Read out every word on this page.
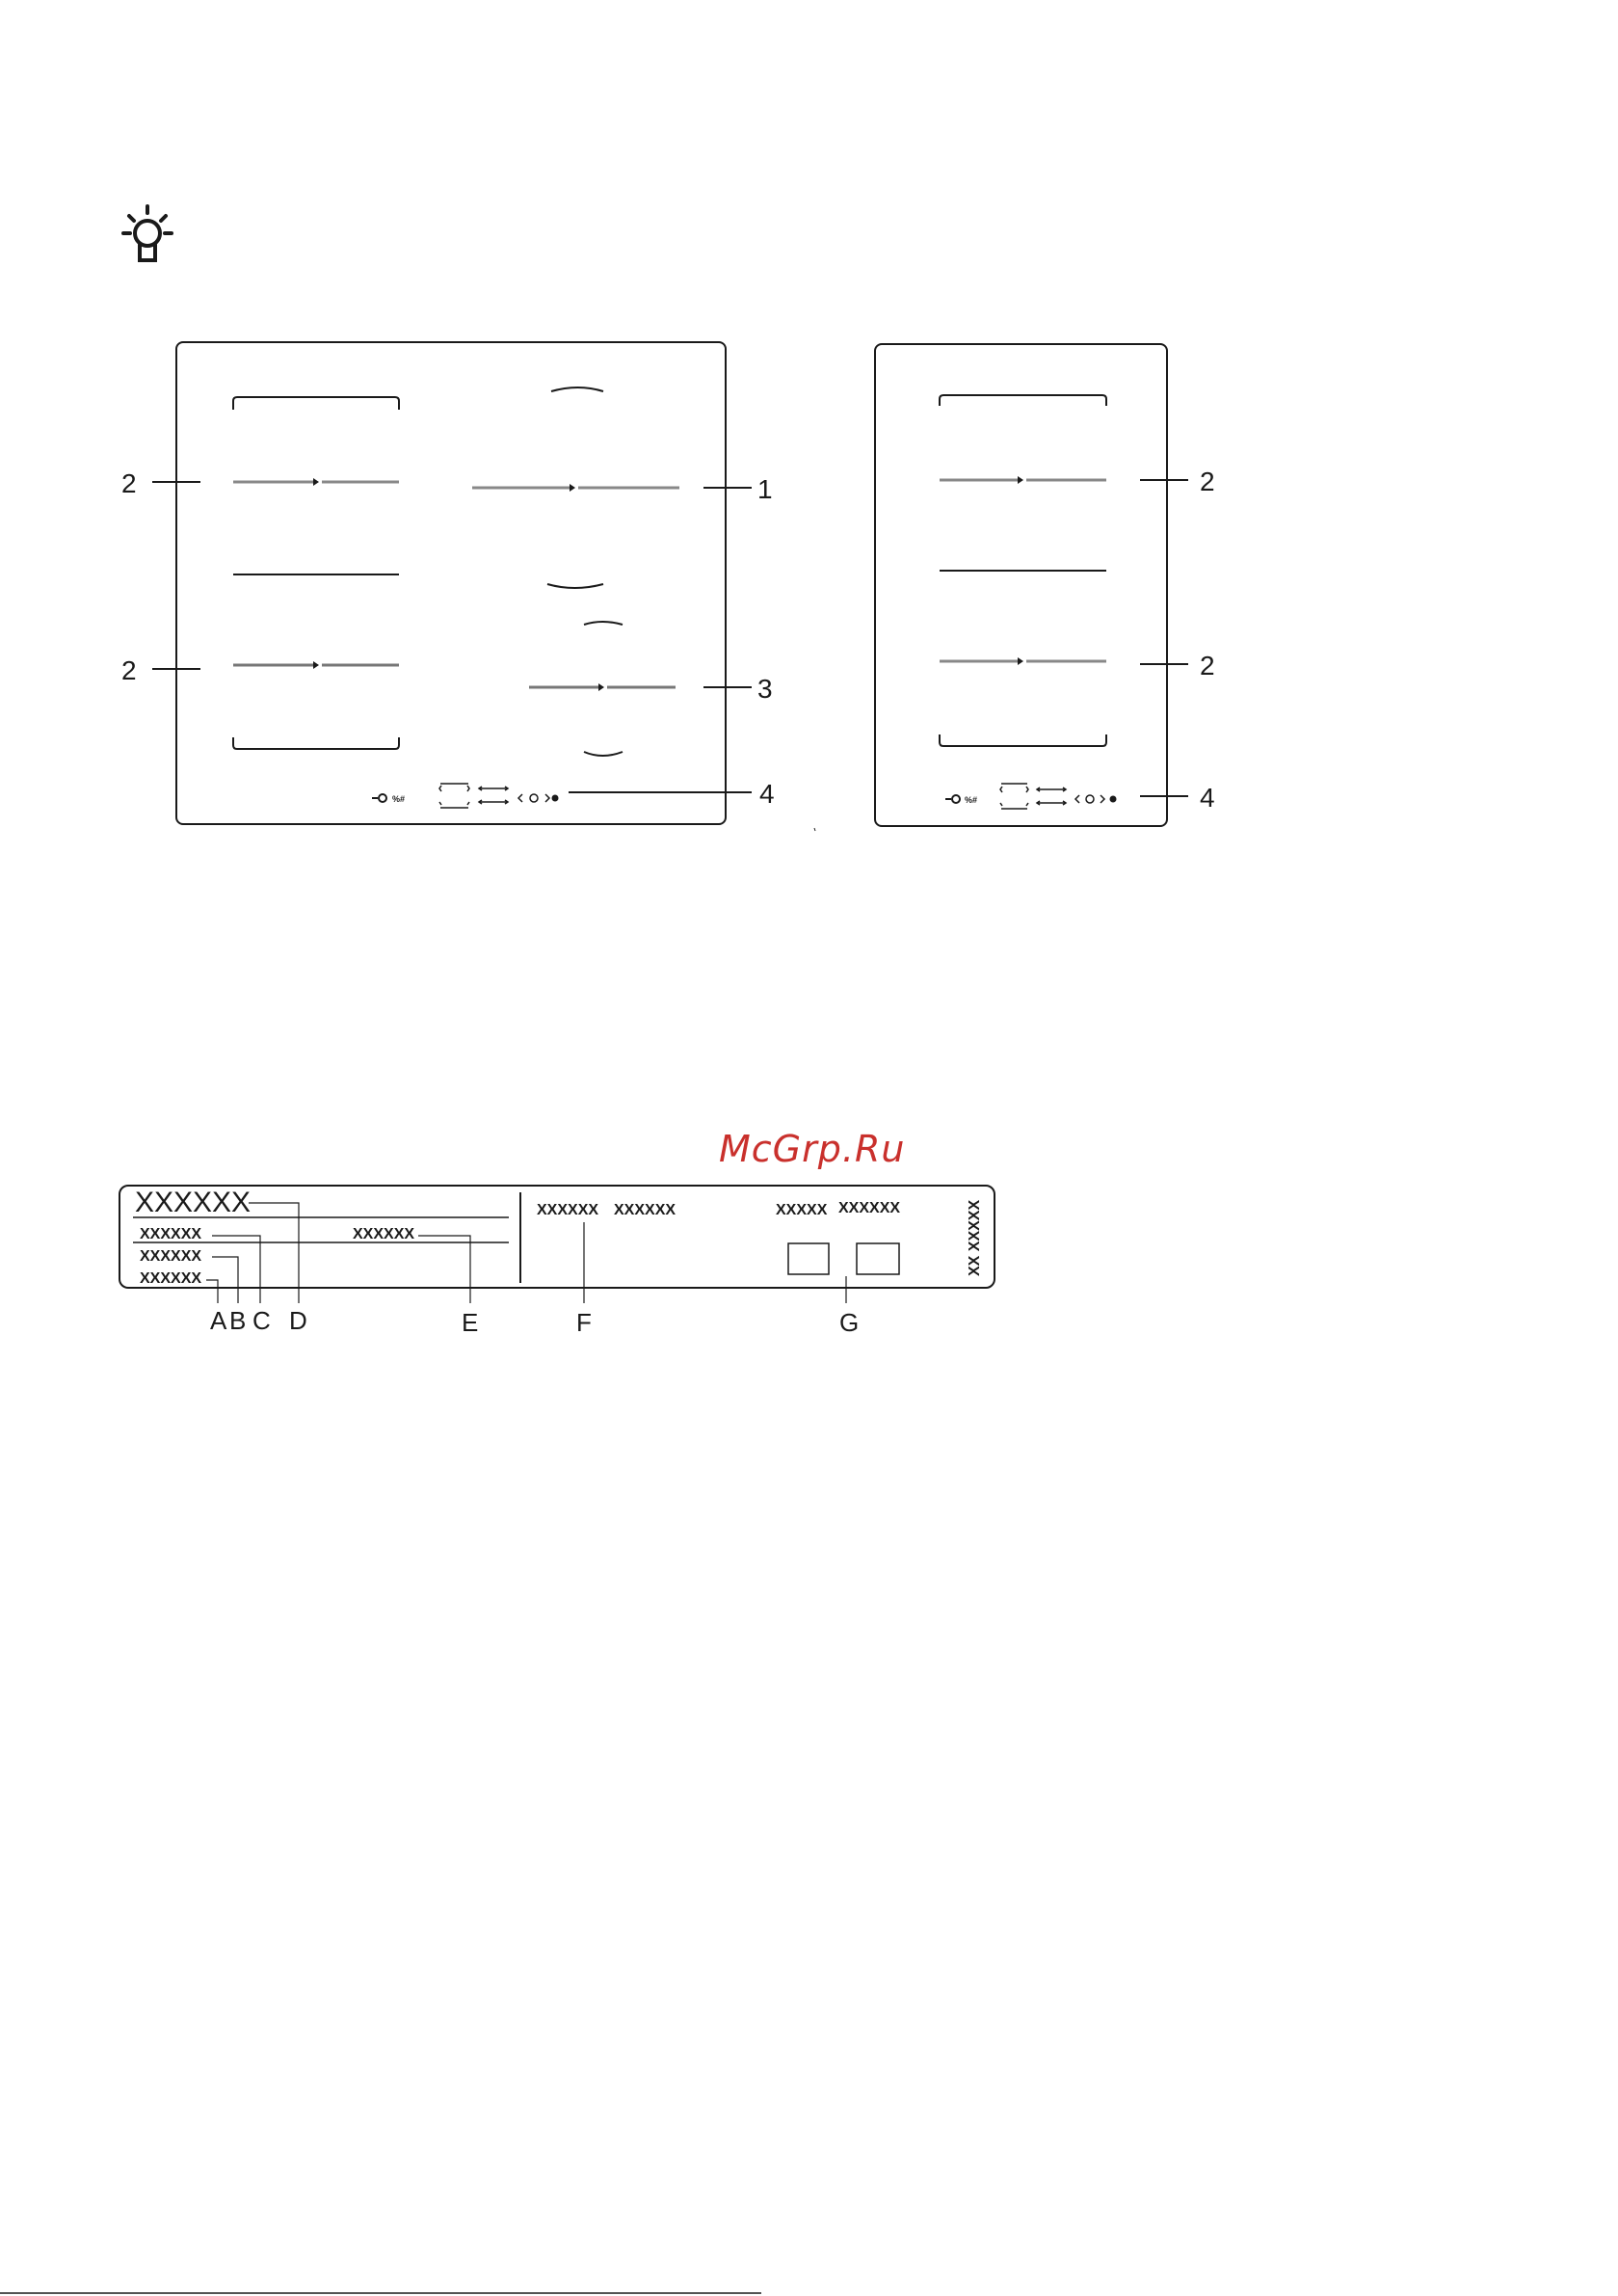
%#
2
2
1
3
4	%#
2
2
4
McGrp.Ru
XXXXXX
XXXXXX	XXXXXX
XXXXXX
XXXXXX
XXXXXX XXXXXX	XXXXX XXXXXX	XX XXXXX
A B C D	E	F	G
